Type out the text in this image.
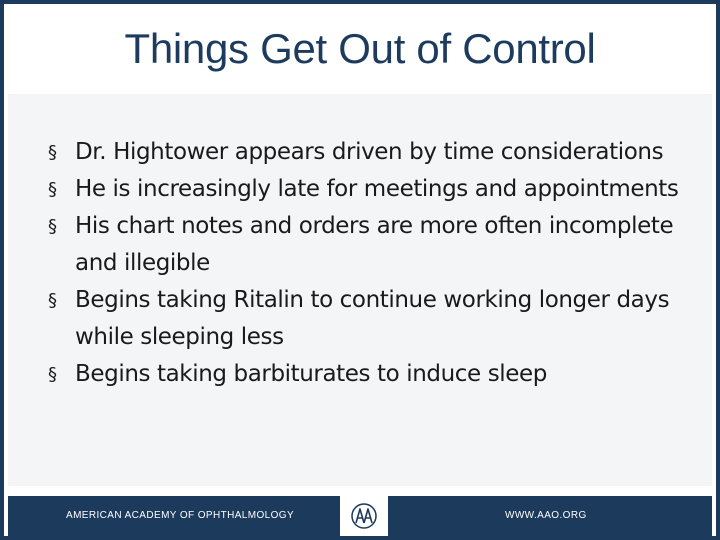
Things Get Out of Control
§ Dr. Hightower appears driven by time considerations
§ He is increasingly late for meetings and appointments
§ His chart notes and orders are more often incomplete and illegible
§ Begins taking Ritalin to continue working longer days while sleeping less
§ Begins taking barbiturates to induce sleep
AMERICAN ACADEMY OF OPHTHALMOLOGY	WWW.AAO.ORG
